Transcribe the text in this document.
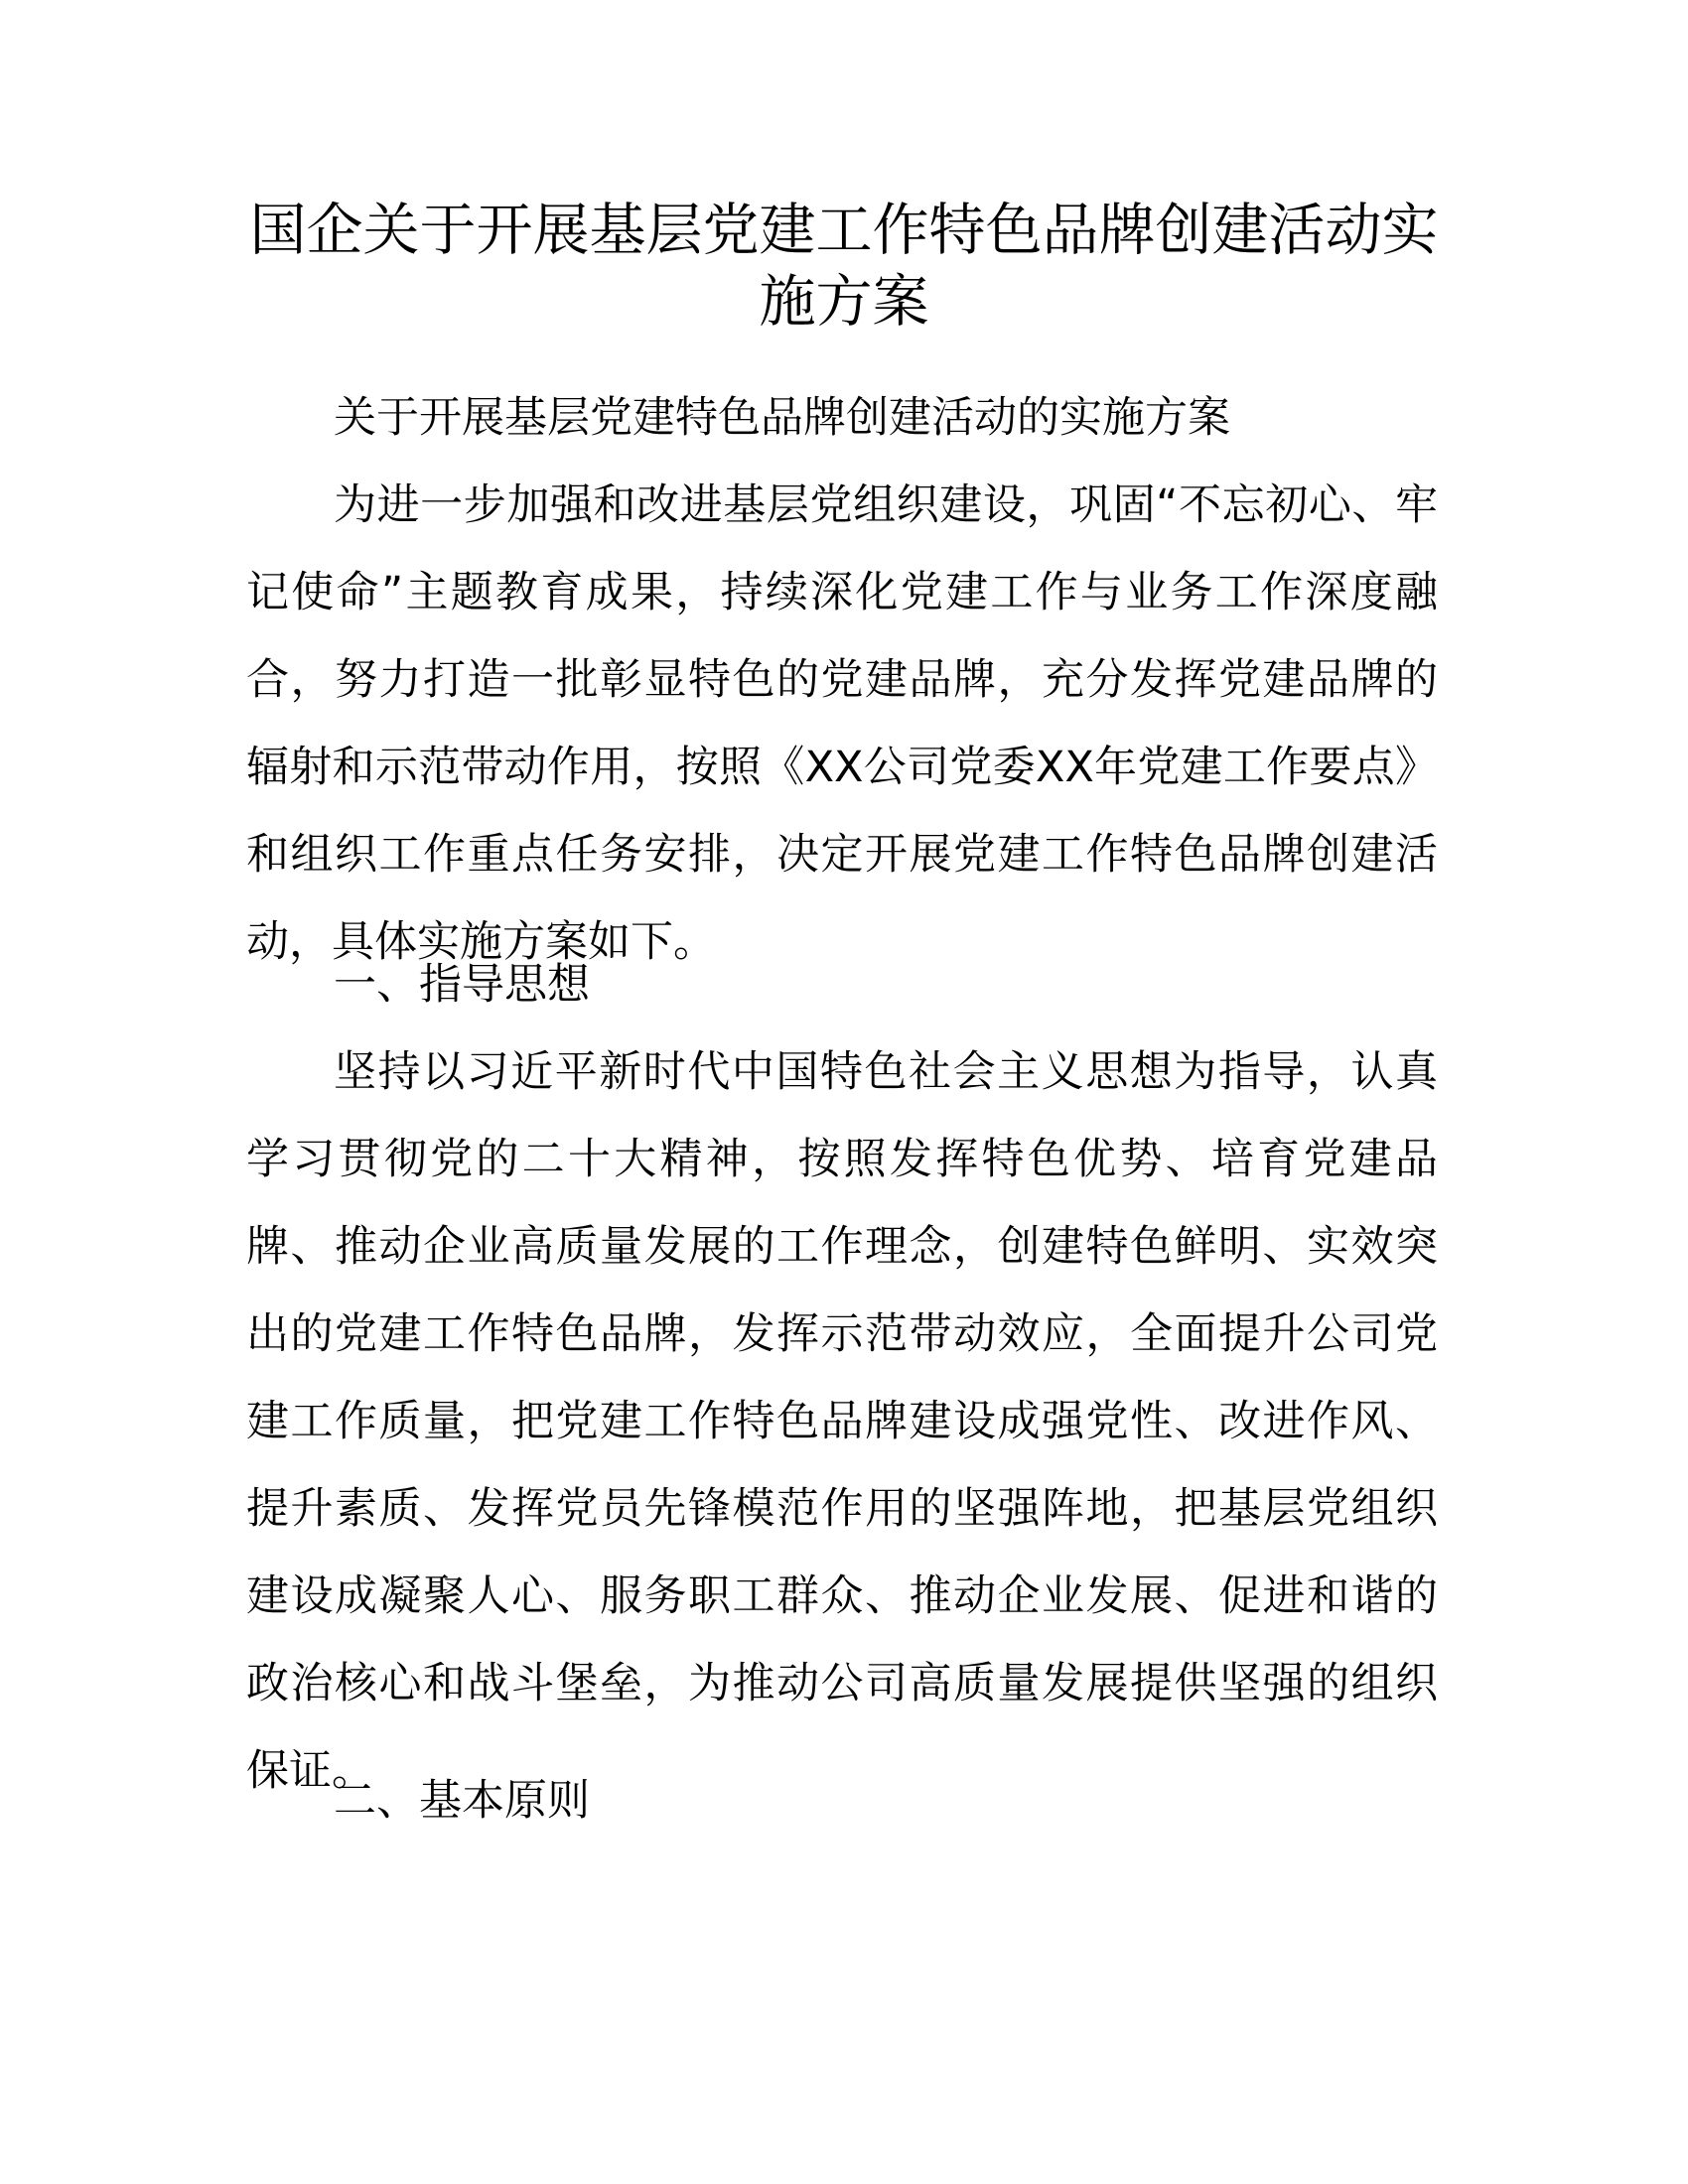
国企关于开展基层党建工作特色品牌创建活动实施方案

关于开展基层党建特色品牌创建活动的实施方案

为进一步加强和改进基层党组织建设，巩固“不忘初心、牢记使命”主题教育成果，持续深化党建工作与业务工作深度融合，努力打造一批彰显特色的党建品牌，充分发挥党建品牌的辐射和示范带动作用，按照《XX公司党委XX年党建工作要点》和组织工作重点任务安排，决定开展党建工作特色品牌创建活动，具体实施方案如下。

一、指导思想

坚持以习近平新时代中国特色社会主义思想为指导，认真学习贯彻党的二十大精神，按照发挥特色优势、培育党建品牌、推动企业高质量发展的工作理念，创建特色鲜明、实效突出的党建工作特色品牌，发挥示范带动效应，全面提升公司党建工作质量，把党建工作特色品牌建设成强党性、改进作风、提升素质、发挥党员先锋模范作用的坚强阵地，把基层党组织建设成凝聚人心、服务职工群众、推动企业发展、促进和谐的政治核心和战斗堡垒，为推动公司高质量发展提供坚强的组织保证。

二、基本原则
